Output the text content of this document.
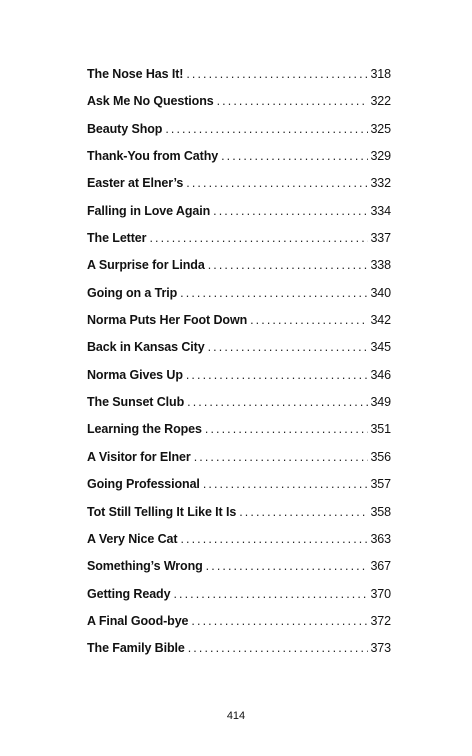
The Nose Has It! .....	318
Ask Me No Questions .....	322
Beauty Shop .....	325
Thank-You from Cathy .....	329
Easter at Elner’s .....	332
Falling in Love Again .....	334
The Letter .....	337
A Surprise for Linda .....	338
Going on a Trip .....	340
Norma Puts Her Foot Down .....	342
Back in Kansas City .....	345
Norma Gives Up .....	346
The Sunset Club .....	349
Learning the Ropes .....	351
A Visitor for Elner .....	356
Going Professional .....	357
Tot Still Telling It Like It Is .....	358
A Very Nice Cat .....	363
Something’s Wrong .....	367
Getting Ready .....	370
A Final Good-bye .....	372
The Family Bible .....	373
414
